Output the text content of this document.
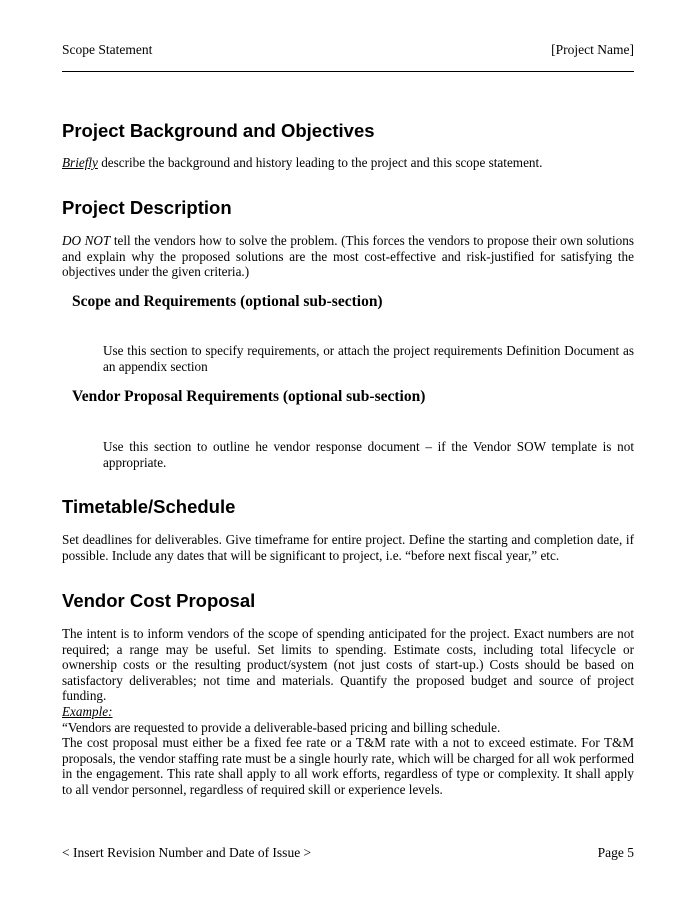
Scope Statement	[Project Name]
Project Background and Objectives

Briefly describe the background and history leading to the project and this scope statement.

Project Description

DO NOT tell the vendors how to solve the problem. (This forces the vendors to propose their own solutions and explain why the proposed solutions are the most cost-effective and risk-justified for satisfying the objectives under the given criteria.)

Scope and Requirements (optional sub-section)

Use this section to specify requirements, or attach the project requirements Definition Document as an appendix section

Vendor Proposal Requirements (optional sub-section)

Use this section to outline he vendor response document – if the Vendor SOW template is not appropriate.

Timetable/Schedule

Set deadlines for deliverables. Give timeframe for entire project. Define the starting and completion date, if possible. Include any dates that will be significant to project, i.e. “before next fiscal year,” etc.

Vendor Cost Proposal
The intent is to inform vendors of the scope of spending anticipated for the project. Exact numbers are not required; a range may be useful. Set limits to spending. Estimate costs, including total lifecycle or ownership costs or the resulting product/system (not just costs of start-up.) Costs should be based on satisfactory deliverables; not time and materials. Quantify the proposed budget and source of project funding.
Example:
“Vendors are requested to provide a deliverable-based pricing and billing schedule.
The cost proposal must either be a fixed fee rate or a T&M rate with a not to exceed estimate. For T&M proposals, the vendor staffing rate must be a single hourly rate, which will be charged for all wok performed in the engagement. This rate shall apply to all work efforts, regardless of type or complexity. It shall apply to all vendor personnel, regardless of required skill or experience levels.
< Insert Revision Number and Date of Issue >	Page 5
